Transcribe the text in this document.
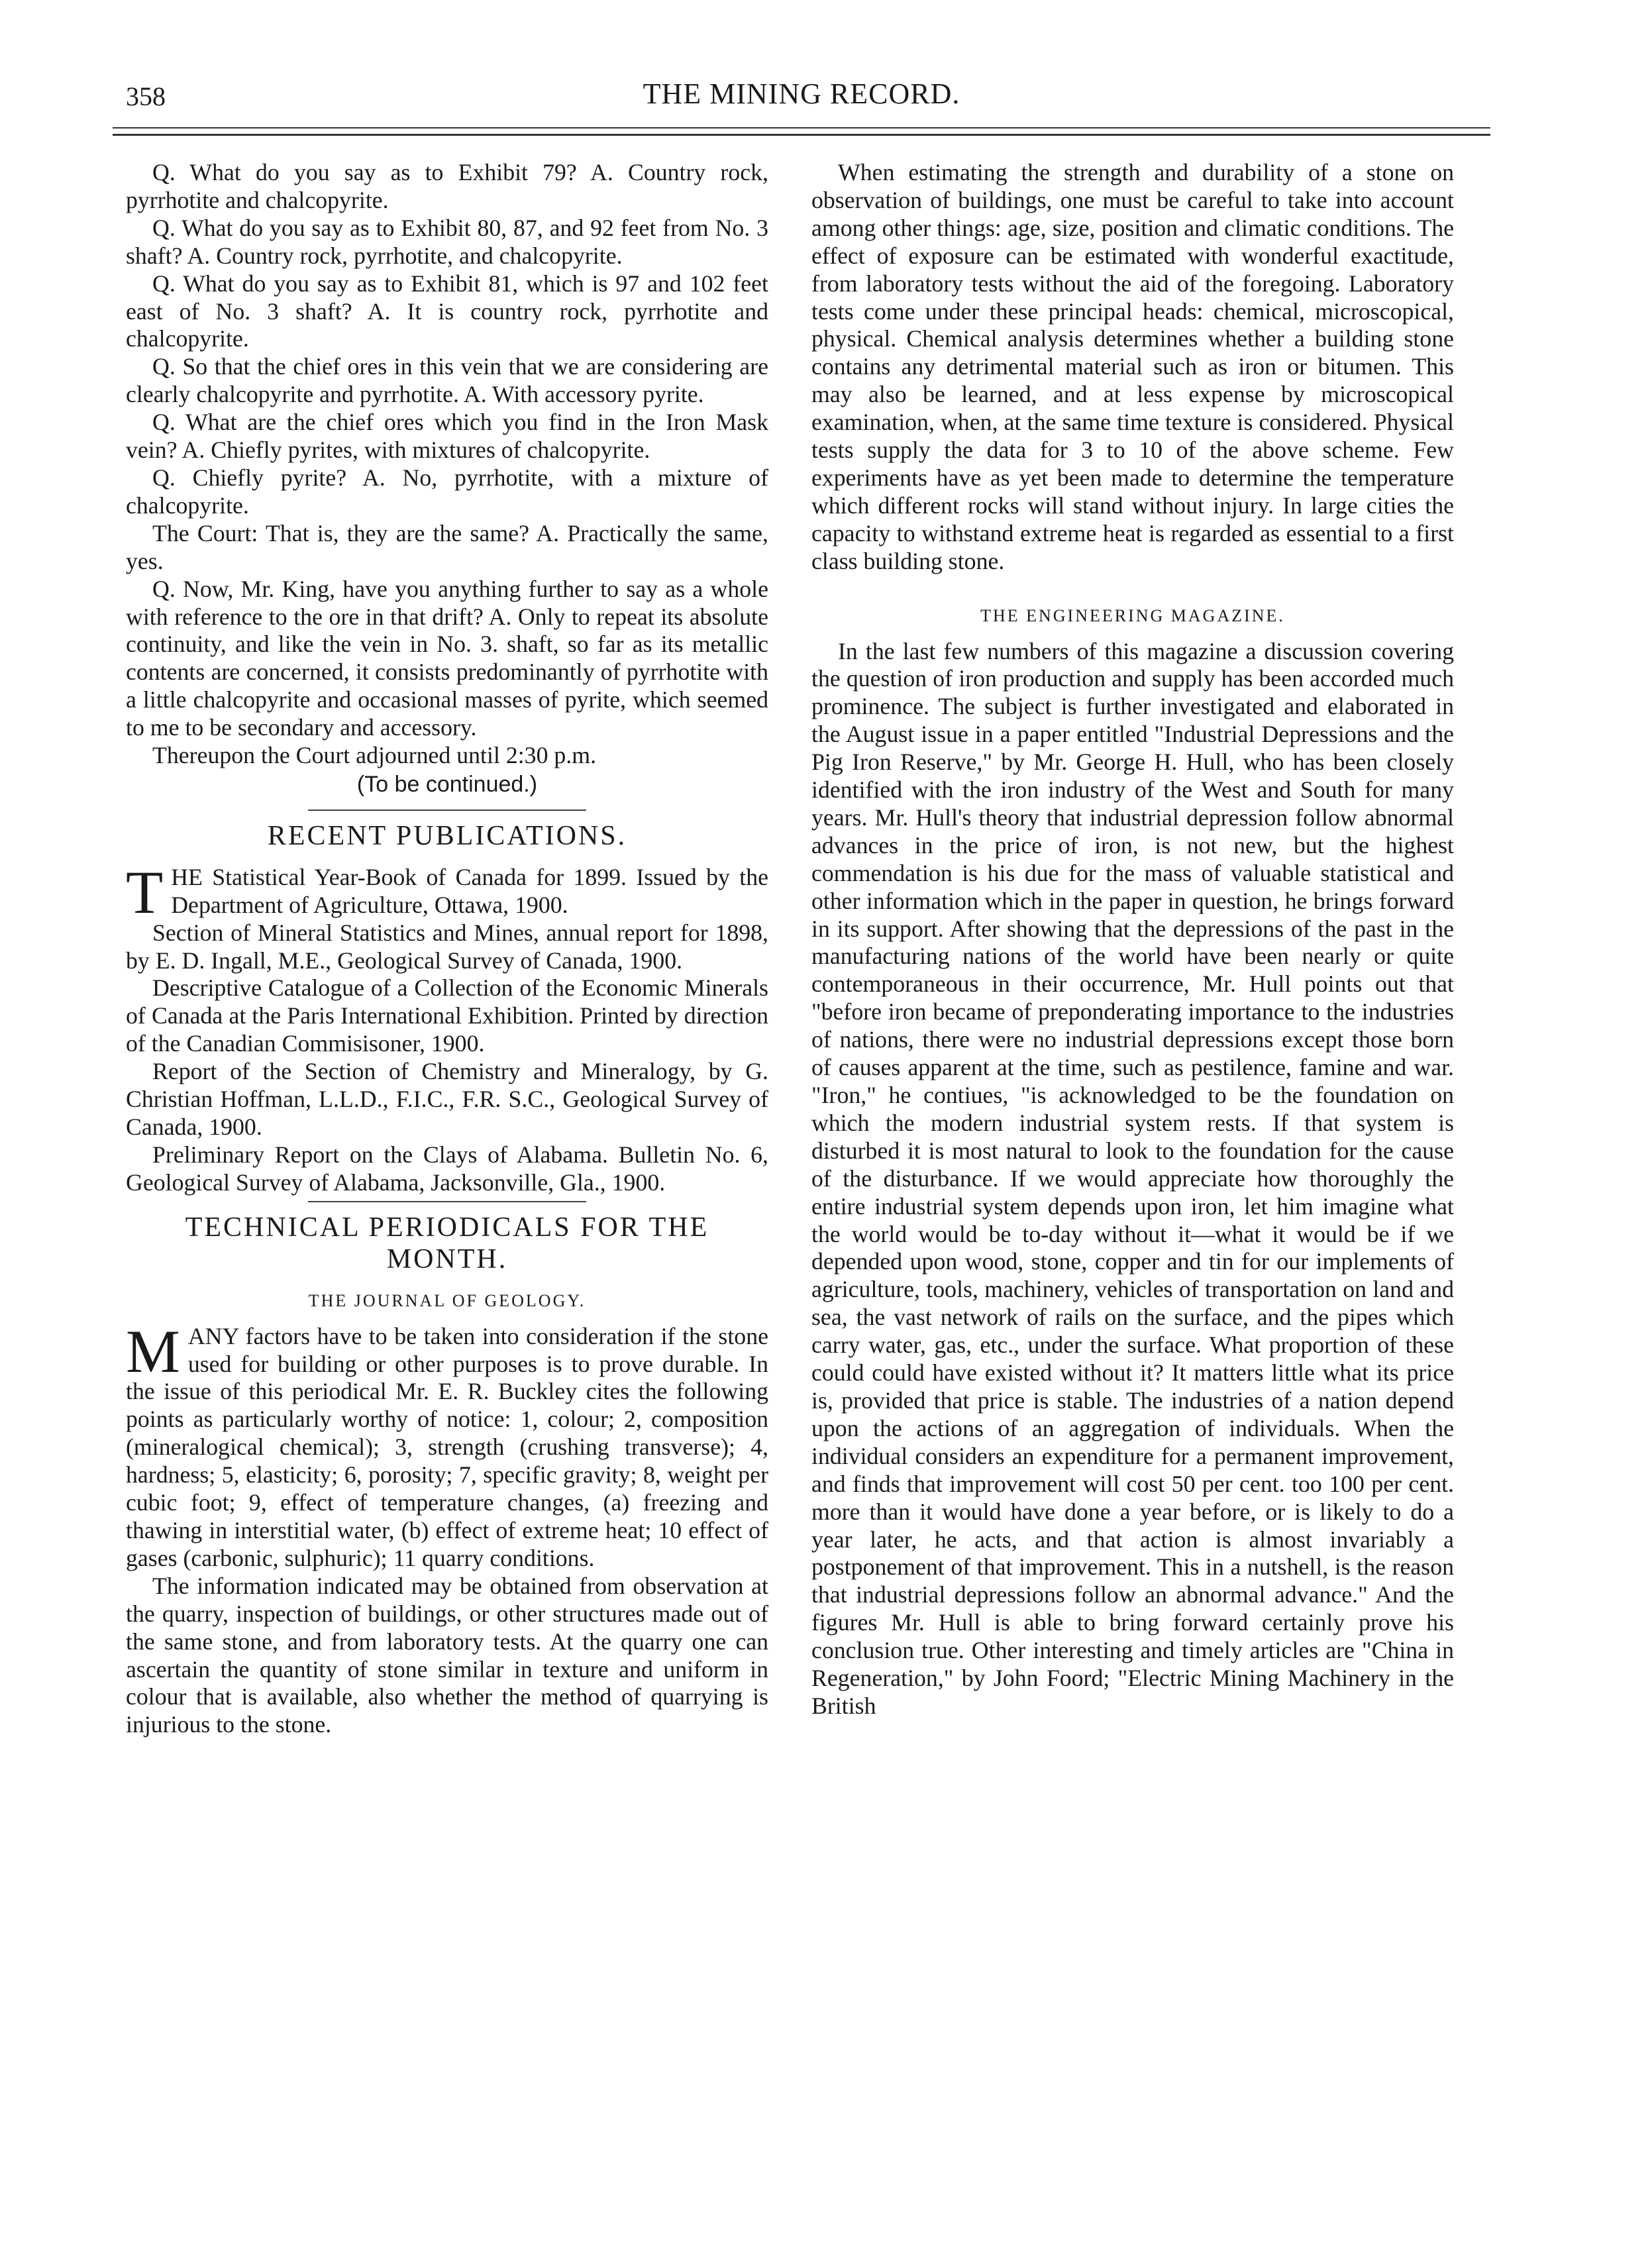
358	THE MINING RECORD.

Q. What do you say as to Exhibit 79? A. Country rock, pyrrhotite and chalcopyrite.

Q. What do you say as to Exhibit 80, 87, and 92 feet from No. 3 shaft? A. Country rock, pyrrhotite, and chalcopyrite.

Q. What do you say as to Exhibit 81, which is 97 and 102 feet east of No. 3 shaft? A. It is country rock, pyrrhotite and chalcopyrite.

Q. So that the chief ores in this vein that we are considering are clearly chalcopyrite and pyrrhotite. A. With accessory pyrite.

Q. What are the chief ores which you find in the Iron Mask vein? A. Chiefly pyrites, with mixtures of chalcopyrite.

Q. Chiefly pyrite? A. No, pyrrhotite, with a mixture of chalcopyrite.

The Court: That is, they are the same? A. Practically the same, yes.

Q. Now, Mr. King, have you anything further to say as a whole with reference to the ore in that drift? A. Only to repeat its absolute continuity, and like the vein in No. 3. shaft, so far as its metallic contents are concerned, it consists predominantly of pyrrhotite with a little chalcopyrite and occasional masses of pyrite, which seemed to me to be secondary and accessory.

Thereupon the Court adjourned until 2:30 p.m.

(To be continued.)
RECENT PUBLICATIONS.

THE Statistical Year-Book of Canada for 1899. Issued by the Department of Agriculture, Ottawa, 1900.

Section of Mineral Statistics and Mines, annual report for 1898, by E. D. Ingall, M.E., Geological Survey of Canada, 1900.

Descriptive Catalogue of a Collection of the Economic Minerals of Canada at the Paris International Exhibition. Printed by direction of the Canadian Commisisoner, 1900.

Report of the Section of Chemistry and Mineralogy, by G. Christian Hoffman, L.L.D., F.I.C., F.R. S.C., Geological Survey of Canada, 1900.

Preliminary Report on the Clays of Alabama. Bulletin No. 6, Geological Survey of Alabama, Jacksonville, Gla., 1900.

TECHNICAL PERIODICALS FOR THE MONTH.
THE JOURNAL OF GEOLOGY.

MANY factors have to be taken into consideration if the stone used for building or other purposes is to prove durable. In the issue of this periodical Mr. E. R. Buckley cites the following points as particularly worthy of notice: 1, colour; 2, composition (mineralogical chemical); 3, strength (crushing transverse); 4, hardness; 5, elasticity; 6, porosity; 7, specific gravity; 8, weight per cubic foot; 9, effect of temperature changes, (a) freezing and thawing in interstitial water, (b) effect of extreme heat; 10 effect of gases (carbonic, sulphuric); 11 quarry conditions.

The information indicated may be obtained from observation at the quarry, inspection of buildings, or other structures made out of the same stone, and from laboratory tests. At the quarry one can ascertain the quantity of stone similar in texture and uniform in colour that is available, also whether the method of quarrying is injurious to the stone.

When estimating the strength and durability of a stone on observation of buildings, one must be careful to take into account among other things: age, size, position and climatic conditions. The effect of exposure can be estimated with wonderful exactitude, from laboratory tests without the aid of the foregoing. Laboratory tests come under these principal heads: chemical, microscopical, physical. Chemical analysis determines whether a building stone contains any detrimental material such as iron or bitumen. This may also be learned, and at less expense by microscopical examination, when, at the same time texture is considered. Physical tests supply the data for 3 to 10 of the above scheme. Few experiments have as yet been made to determine the temperature which different rocks will stand without injury. In large cities the capacity to withstand extreme heat is regarded as essential to a first class building stone.

THE ENGINEERING MAGAZINE.

In the last few numbers of this magazine a discussion covering the question of iron production and supply has been accorded much prominence. The subject is further investigated and elaborated in the August issue in a paper entitled "Industrial Depressions and the Pig Iron Reserve," by Mr. George H. Hull, who has been closely identified with the iron industry of the West and South for many years. Mr. Hull's theory that industrial depression follow abnormal advances in the price of iron, is not new, but the highest commendation is his due for the mass of valuable statistical and other information which in the paper in question, he brings forward in its support. After showing that the depressions of the past in the manufacturing nations of the world have been nearly or quite contemporaneous in their occurrence, Mr. Hull points out that "before iron became of preponderating importance to the industries of nations, there were no industrial depressions except those born of causes apparent at the time, such as pestilence, famine and war. "Iron," he contiues, "is acknowledged to be the foundation on which the modern industrial system rests. If that system is disturbed it is most natural to look to the foundation for the cause of the disturbance. If we would appreciate how thoroughly the entire industrial system depends upon iron, let him imagine what the world would be to-day without it—what it would be if we depended upon wood, stone, copper and tin for our implements of agriculture, tools, machinery, vehicles of transportation on land and sea, the vast network of rails on the surface, and the pipes which carry water, gas, etc., under the surface. What proportion of these could could have existed without it? It matters little what its price is, provided that price is stable. The industries of a nation depend upon the actions of an aggregation of individuals. When the individual considers an expenditure for a permanent improvement, and finds that improvement will cost 50 per cent. too 100 per cent. more than it would have done a year before, or is likely to do a year later, he acts, and that action is almost invariably a postponement of that improvement. This in a nutshell, is the reason that industrial depressions follow an abnormal advance." And the figures Mr. Hull is able to bring forward certainly prove his conclusion true. Other interesting and timely articles are "China in Regeneration," by John Foord; "Electric Mining Machinery in the British
